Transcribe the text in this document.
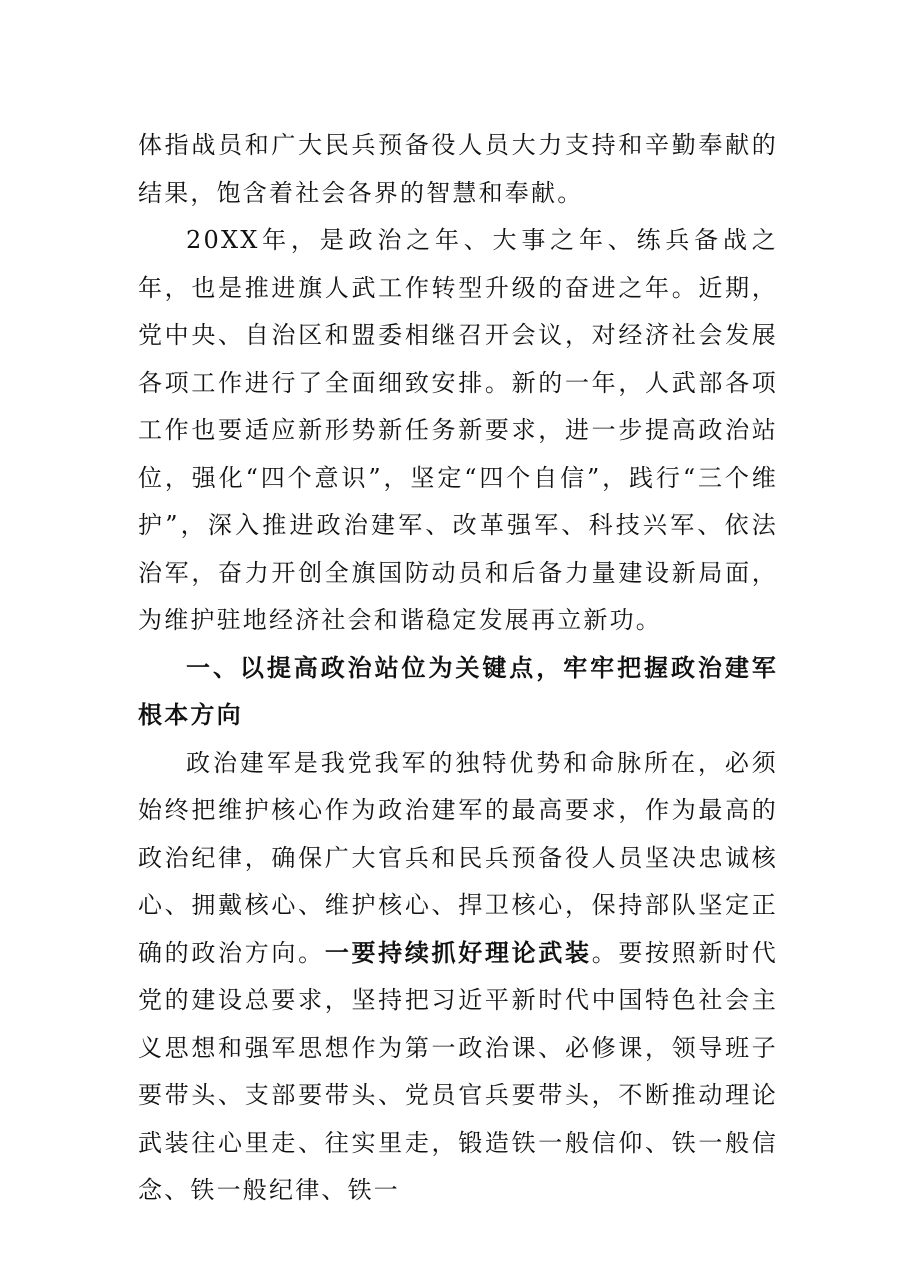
体指战员和广大民兵预备役人员大力支持和辛勤奉献的结果，饱含着社会各界的智慧和奉献。

20XX年，是政治之年、大事之年、练兵备战之年，也是推进旗人武工作转型升级的奋进之年。近期，党中央、自治区和盟委相继召开会议，对经济社会发展各项工作进行了全面细致安排。新的一年，人武部各项工作也要适应新形势新任务新要求，进一步提高政治站位，强化“四个意识”，坚定“四个自信”，践行“三个维护”，深入推进政治建军、改革强军、科技兴军、依法治军，奋力开创全旗国防动员和后备力量建设新局面，为维护驻地经济社会和谐稳定发展再立新功。

一、以提高政治站位为关键点，牢牢把握政治建军根本方向

政治建军是我党我军的独特优势和命脉所在，必须始终把维护核心作为政治建军的最高要求，作为最高的政治纪律，确保广大官兵和民兵预备役人员坚决忠诚核心、拥戴核心、维护核心、捍卫核心，保持部队坚定正确的政治方向。一要持续抓好理论武装。要按照新时代党的建设总要求，坚持把习近平新时代中国特色社会主义思想和强军思想作为第一政治课、必修课，领导班子要带头、支部要带头、党员官兵要带头，不断推动理论武装往心里走、往实里走，锻造铁一般信仰、铁一般信念、铁一般纪律、铁一
